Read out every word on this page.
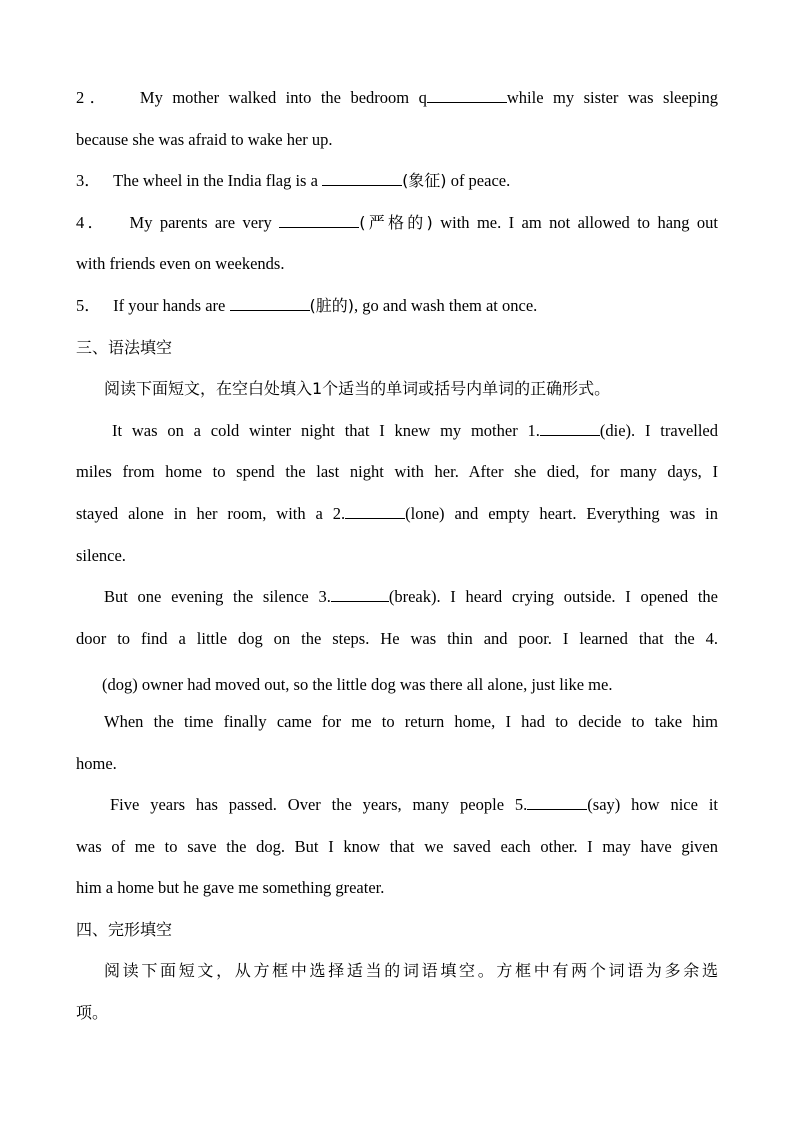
2． My mother walked into the bedroom q	while my sister was sleeping
because she was afraid to wake her up.
3． The wheel in the India flag is a	(象征) of peace.
4． My parents are very	(严格的) with me. I am not allowed to hang out
with friends even on weekends.
5． If your hands are	(脏的), go and wash them at once.
三、语法填空
阅读下面短文，在空白处填入1个适当的单词或括号内单词的正确形式。
It was on a cold winter night that I knew my mother 1.	(die). I travelled
miles from home to spend the last night with her. After she died, for many days, I
stayed alone in her room, with a 2.	(lone) and empty heart. Everything was in
silence.
But one evening the silence 3.	(break). I heard crying outside. I opened the
door to find a little dog on the steps. He was thin and poor. I learned that the 4.
(dog) owner had moved out, so the little dog was there all alone, just like me.
When the time finally came for me to return home, I had to decide to take him
home.
Five years has passed. Over the years, many people 5.	(say) how nice it
was of me to save the dog. But I know that we saved each other. I may have given
him a home but he gave me something greater.
四、完形填空
阅读下面短文，从方框中选择适当的词语填空。方框中有两个词语为多余选
项。
